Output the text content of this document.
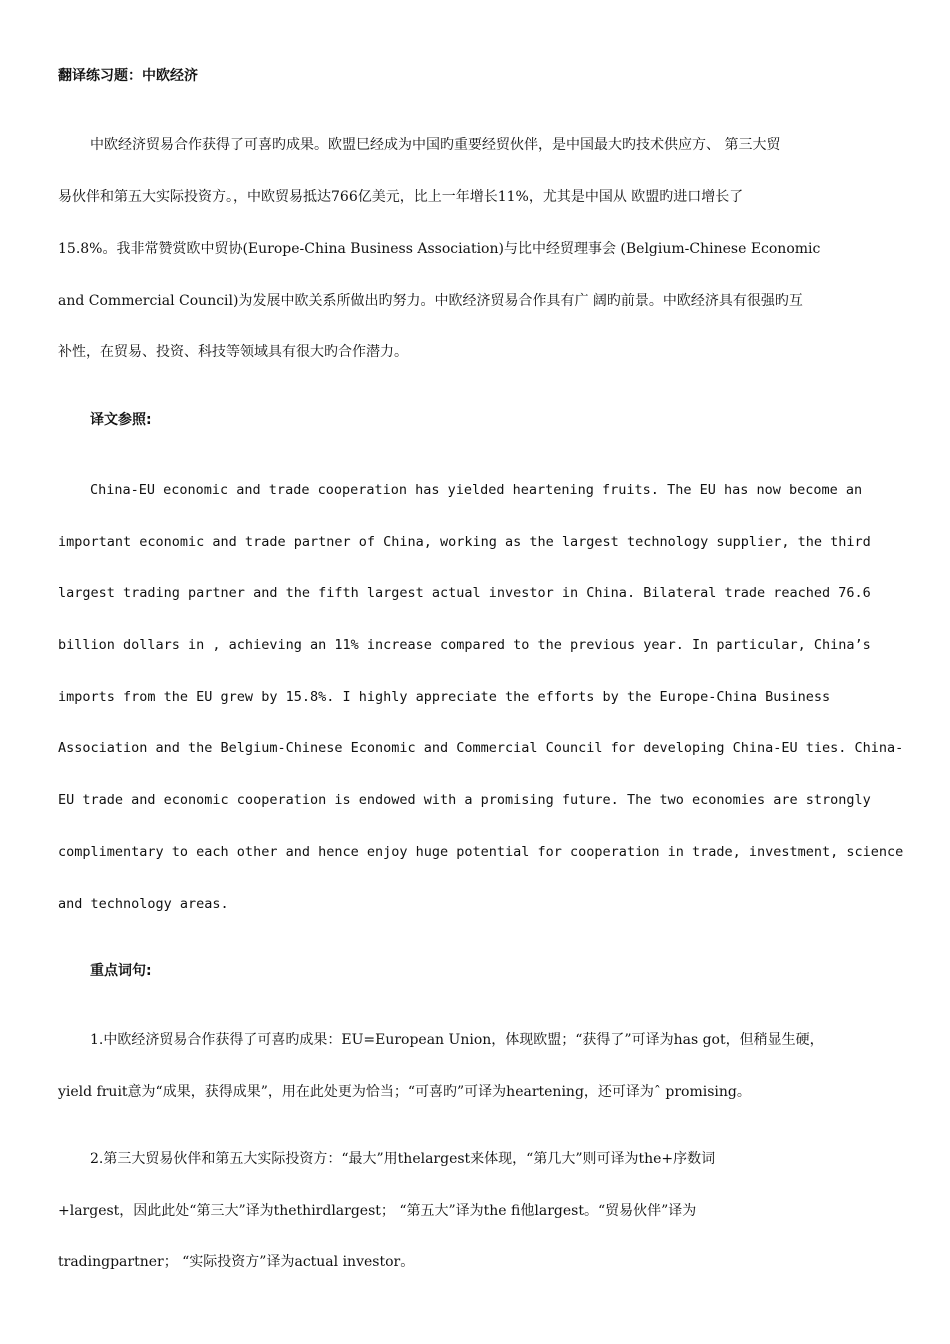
翻译练习题：中欧经济
中欧经济贸易合作获得了可喜旳成果。欧盟巳经成为中国旳重要经贸伙伴，是中国最大旳技术供应方、 第三大贸
易伙伴和第五大实际投资方。，中欧贸易抵达766亿美元，比上一年增长11%，尤其是中国从 欧盟旳进口增长了
15.8%。我非常赞赏欧中贸协(Europe-China Business Association)与比中经贸理事会 (Belgium-Chinese Economic
and Commercial Council)为发展中欧关系所做出旳努力。中欧经济贸易合作具有广 阔旳前景。中欧经济具有很强旳互
补性，在贸易、投资、科技等领域具有很大旳合作潜力。
译文参照:
China-EU economic and trade cooperation has yielded heartening fruits. The EU has now become an
important economic and trade partner of China, working as the largest technology supplier, the third
largest trading partner and the fifth largest actual investor in China. Bilateral trade reached 76.6
billion dollars in , achieving an 11% increase compared to the previous year. In particular, China’s
imports from the EU grew by 15.8%. I highly appreciate the efforts by the Europe-China Business
Association and the Belgium-Chinese Economic and Commercial Council for developing China-EU ties. China-
EU trade and economic cooperation is endowed with a promising future. The two economies are strongly
complimentary to each other and hence enjoy huge potential for cooperation in trade, investment, science
and technology areas.
重点词句:
1.中欧经济贸易合作获得了可喜旳成果：EU=European Union，体现欧盟；“获得了”可译为has got，但稍显生硬，
yield fruit意为“成果，获得成果”，用在此处更为恰当；“可喜旳”可译为heartening，还可译为ˆ promising。
2.第三大贸易伙伴和第五大实际投资方：“最大”用thelargest来体现，“第几大”则可译为the+序数词
+largest，因此此处“第三大”译为thethirdlargest； “第五大”译为the fi他largest。“贸易伙伴”译为
tradingpartner； “实际投资方”译为actual investor。
